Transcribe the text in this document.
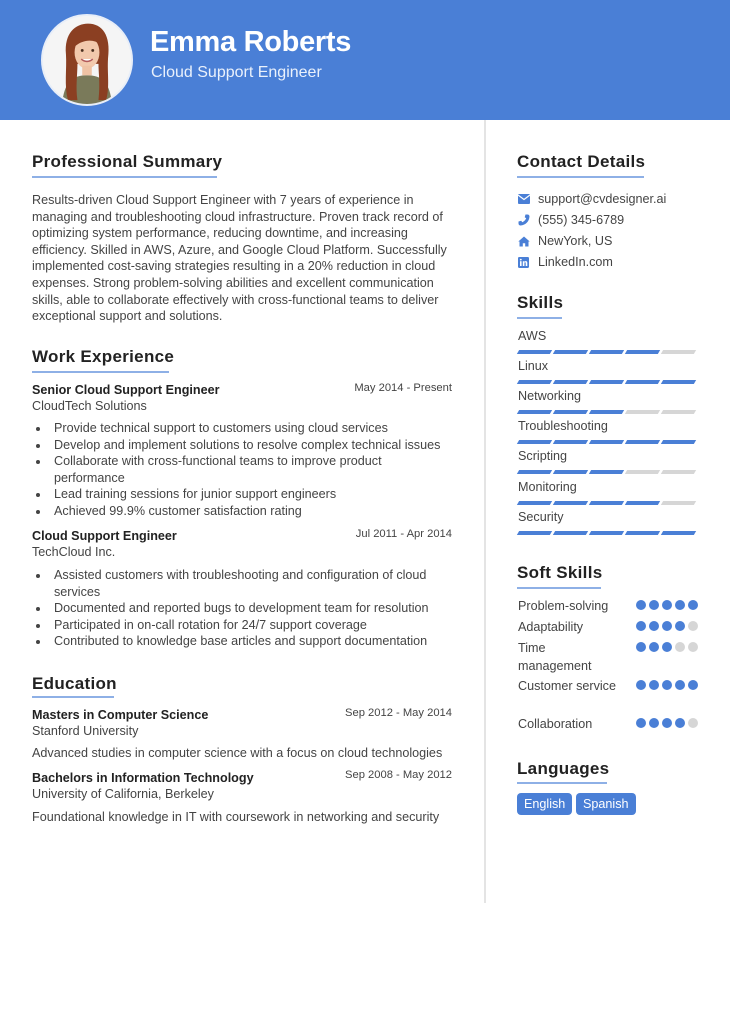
Emma Roberts
Cloud Support Engineer
Professional Summary
Results-driven Cloud Support Engineer with 7 years of experience in
managing and troubleshooting cloud infrastructure. Proven track record of
optimizing system performance, reducing downtime, and increasing
efficiency. Skilled in AWS, Azure, and Google Cloud Platform. Successfully
implemented cost-saving strategies resulting in a 20% reduction in cloud
expenses. Strong problem-solving abilities and excellent communication
skills, able to collaborate effectively with cross-functional teams to deliver
exceptional support and solutions.
Work Experience
Senior Cloud Support Engineer	May 2014 - Present
CloudTech Solutions
Provide technical support to customers using cloud services
Develop and implement solutions to resolve complex technical issues
Collaborate with cross-functional teams to improve product performance
Lead training sessions for junior support engineers
Achieved 99.9% customer satisfaction rating
Cloud Support Engineer	Jul 2011 - Apr 2014
TechCloud Inc.
Assisted customers with troubleshooting and configuration of cloud services
Documented and reported bugs to development team for resolution
Participated in on-call rotation for 24/7 support coverage
Contributed to knowledge base articles and support documentation
Education
Masters in Computer Science	Sep 2012 - May 2014
Stanford University
Advanced studies in computer science with a focus on cloud technologies
Bachelors in Information Technology	Sep 2008 - May 2012
University of California, Berkeley
Foundational knowledge in IT with coursework in networking and security
Contact Details
support@cvdesigner.ai
(555) 345-6789
NewYork, US
LinkedIn.com
Skills
AWS
Linux
Networking
Troubleshooting
Scripting
Monitoring
Security
Soft Skills
Problem-solving
Adaptability
Time management
Customer service
Collaboration
Languages
English	Spanish
